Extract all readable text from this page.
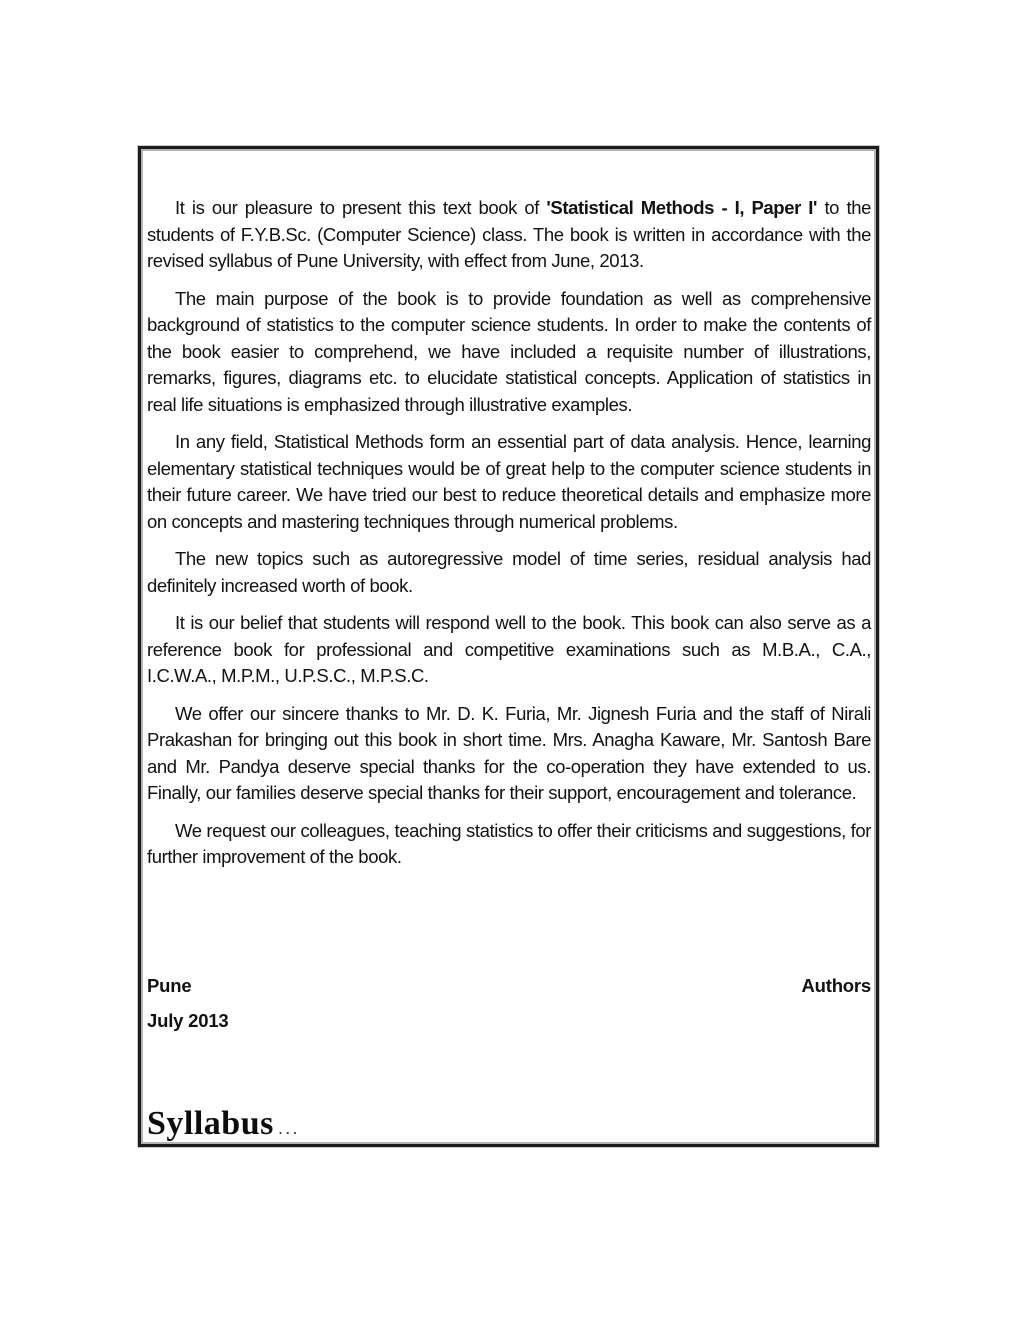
It is our pleasure to present this text book of 'Statistical Methods - I, Paper I' to the students of F.Y.B.Sc. (Computer Science) class. The book is written in accordance with the revised syllabus of Pune University, with effect from June, 2013.

The main purpose of the book is to provide foundation as well as comprehensive background of statistics to the computer science students. In order to make the contents of the book easier to comprehend, we have included a requisite number of illustrations, remarks, figures, diagrams etc. to elucidate statistical concepts. Application of statistics in real life situations is emphasized through illustrative examples.

In any field, Statistical Methods form an essential part of data analysis. Hence, learning elementary statistical techniques would be of great help to the computer science students in their future career. We have tried our best to reduce theoretical details and emphasize more on concepts and mastering techniques through numerical problems.

The new topics such as autoregressive model of time series, residual analysis had definitely increased worth of book.

It is our belief that students will respond well to the book. This book can also serve as a reference book for professional and competitive examinations such as M.B.A., C.A., I.C.W.A., M.P.M., U.P.S.C., M.P.S.C.

We offer our sincere thanks to Mr. D. K. Furia, Mr. Jignesh Furia and the staff of Nirali Prakashan for bringing out this book in short time. Mrs. Anagha Kaware, Mr. Santosh Bare and Mr. Pandya deserve special thanks for the co-operation they have extended to us. Finally, our families deserve special thanks for their support, encouragement and tolerance.

We request our colleagues, teaching statistics to offer their criticisms and suggestions, for further improvement of the book.

Pune	Authors
July 2013
Syllabus ...
